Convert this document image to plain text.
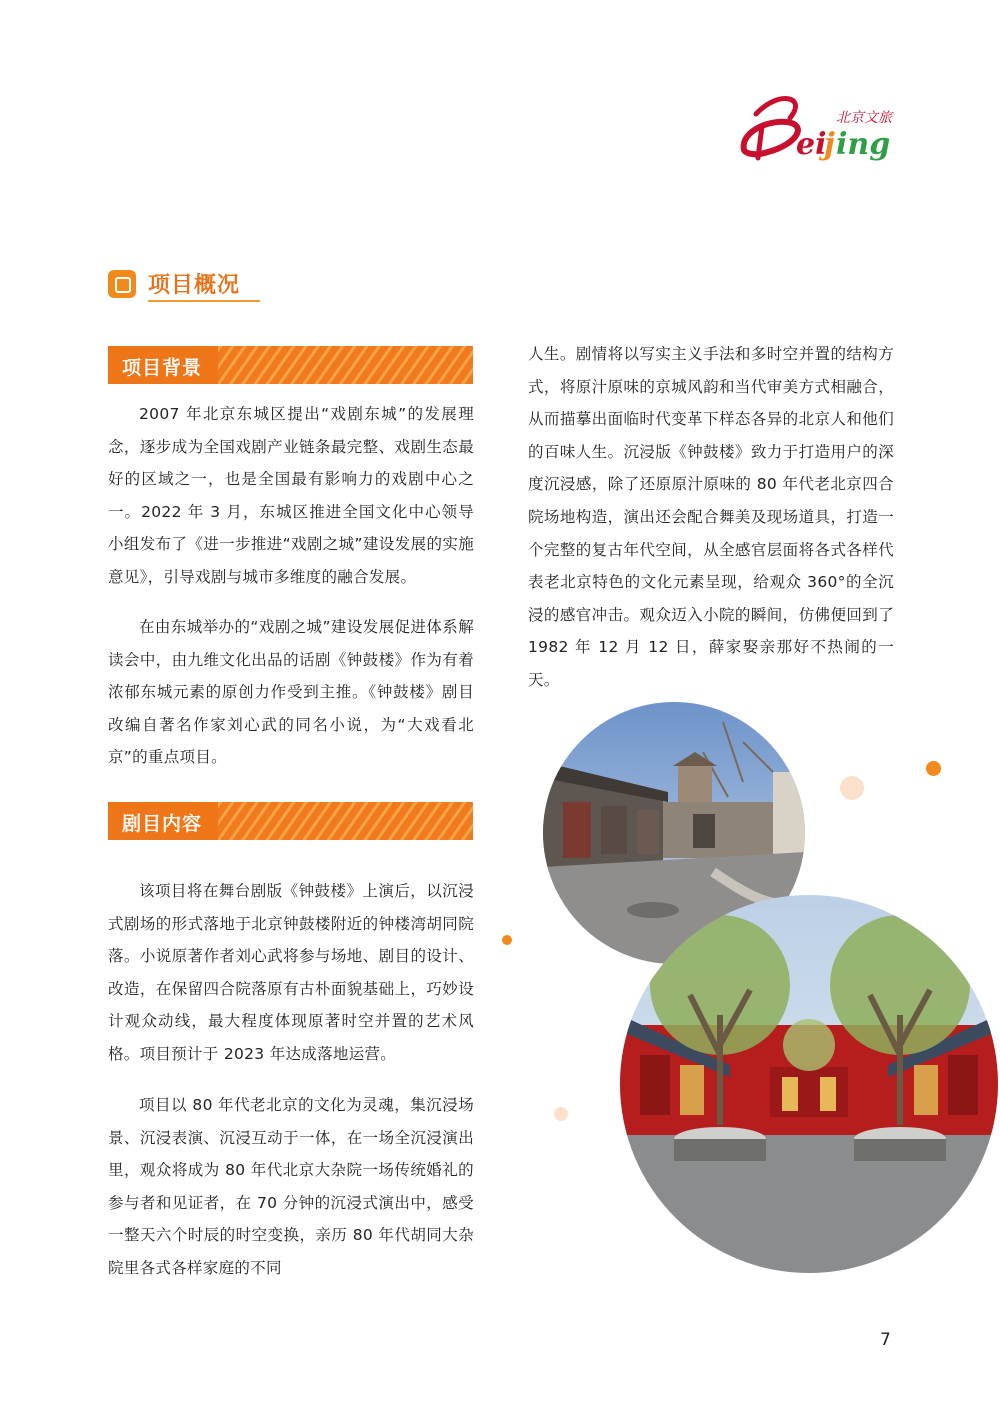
ei
j ing
北京文旅
项目概况
项目背景

2007 年北京东城区提出“戏剧东城”的发展理念，逐步成为全国戏剧产业链条最完整、戏剧生态最好的区域之一，也是全国最有影响力的戏剧中心之一。2022 年 3 月，东城区推进全国文化中心领导小组发布了《进一步推进“戏剧之城”建设发展的实施意见》，引导戏剧与城市多维度的融合发展。

在由东城举办的“戏剧之城”建设发展促进体系解读会中，由九维文化出品的话剧《钟鼓楼》作为有着浓郁东城元素的原创力作受到主推。《钟鼓楼》剧目改编自著名作家刘心武的同名小说，为“大戏看北京”的重点项目。

剧目内容

该项目将在舞台剧版《钟鼓楼》上演后，以沉浸式剧场的形式落地于北京钟鼓楼附近的钟楼湾胡同院落。小说原著作者刘心武将参与场地、剧目的设计、改造，在保留四合院落原有古朴面貌基础上，巧妙设计观众动线，最大程度体现原著时空并置的艺术风格。项目预计于 2023 年达成落地运营。

项目以 80 年代老北京的文化为灵魂，集沉浸场景、沉浸表演、沉浸互动于一体，在一场全沉浸演出里，观众将成为 80 年代北京大杂院一场传统婚礼的参与者和见证者，在 70 分钟的沉浸式演出中，感受一整天六个时辰的时空变换，亲历 80 年代胡同大杂院里各式各样家庭的不同

人生。剧情将以写实主义手法和多时空并置的结构方式，将原汁原味的京城风韵和当代审美方式相融合，从而描摹出面临时代变革下样态各异的北京人和他们的百味人生。沉浸版《钟鼓楼》致力于打造用户的深度沉浸感，除了还原原汁原味的 80 年代老北京四合院场地构造，演出还会配合舞美及现场道具，打造一个完整的复古年代空间，从全感官层面将各式各样代表老北京特色的文化元素呈现，给观众 360°的全沉浸的感官冲击。观众迈入小院的瞬间，仿佛便回到了 1982 年 12 月 12 日，薛家娶亲那好不热闹的一天。

7
